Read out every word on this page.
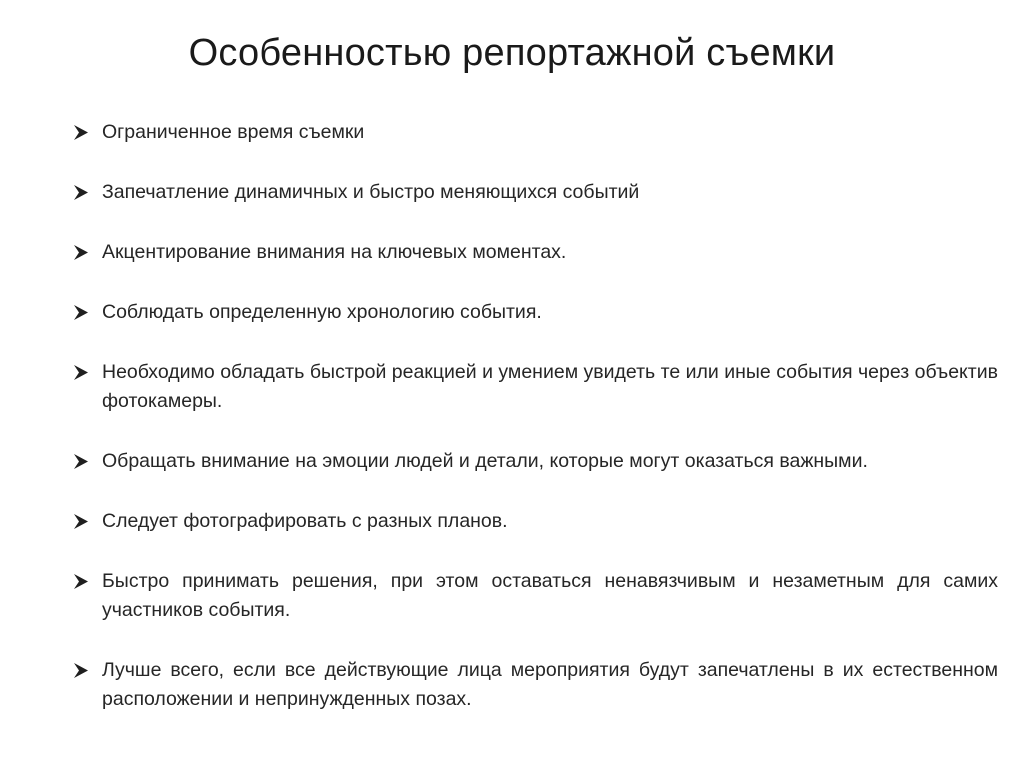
Особенностью репортажной съемки
Ограниченное время съемки
Запечатление динамичных и быстро меняющихся событий
Акцентирование внимания на ключевых моментах.
Соблюдать определенную хронологию события.
Необходимо обладать быстрой реакцией и умением увидеть те или иные события через объектив фотокамеры.
Обращать внимание на эмоции людей и детали, которые могут оказаться важными.
Следует фотографировать с разных планов.
Быстро принимать решения, при этом оставаться ненавязчивым и незаметным для самих участников события.
Лучше всего, если все действующие лица мероприятия будут запечатлены в их естественном расположении и непринужденных позах.
